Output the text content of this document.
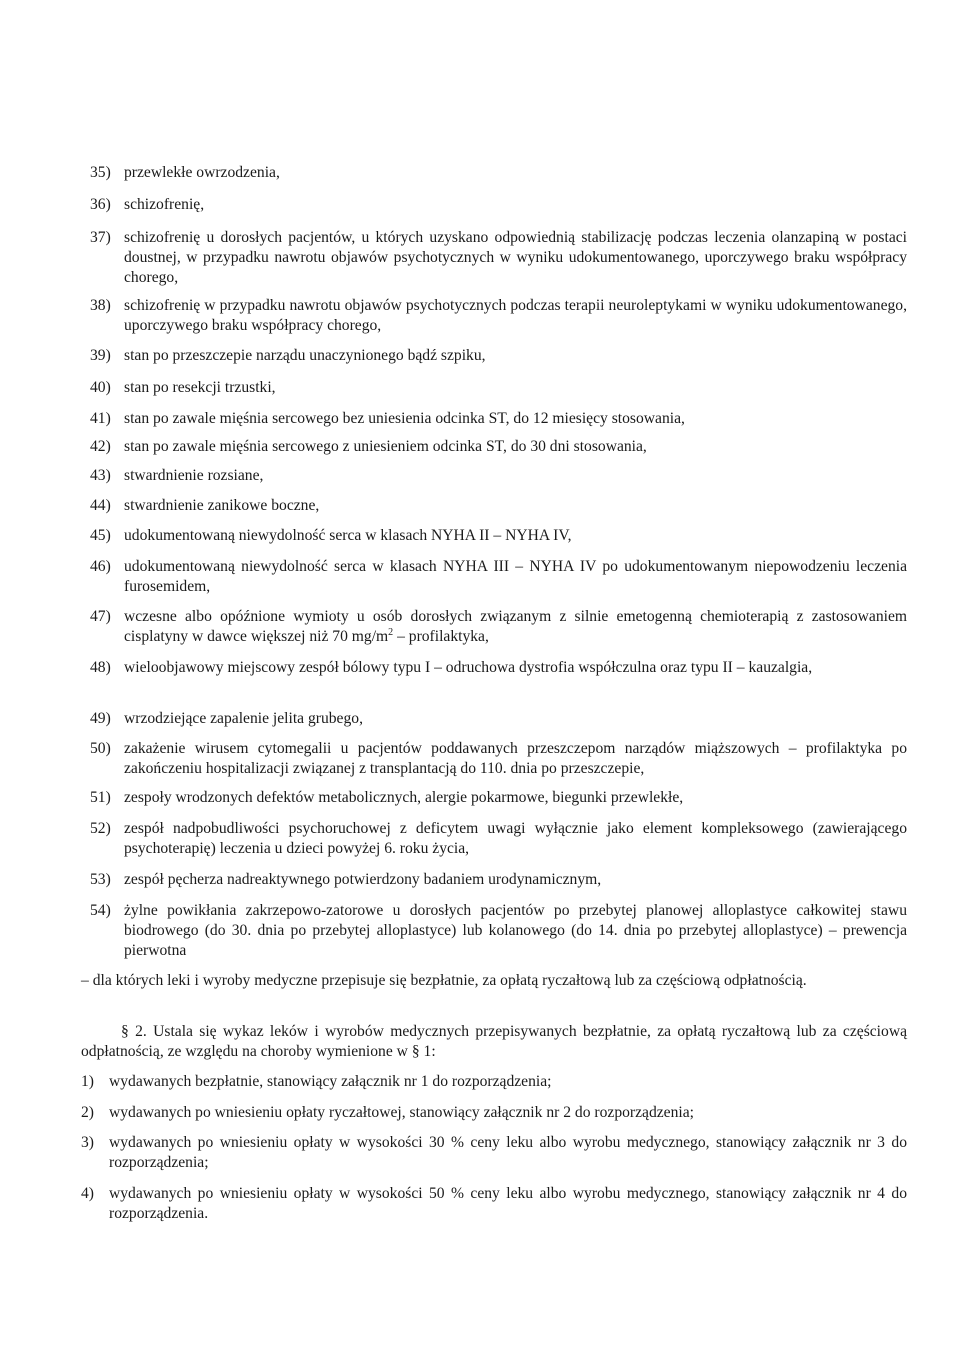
35) przewlekłe owrzodzenia,

36) schizofrenię,

37) schizofrenię u dorosłych pacjentów, u których uzyskano odpowiednią stabilizację podczas leczenia olanzapiną w postaci doustnej, w przypadku nawrotu objawów psychotycznych w wyniku udokumentowanego, uporczywego braku współpracy chorego,

38) schizofrenię w przypadku nawrotu objawów psychotycznych podczas terapii neuroleptykami w wyniku udokumentowanego, uporczywego braku współpracy chorego,

39) stan po przeszczepie narządu unaczynionego bądź szpiku,

40) stan po resekcji trzustki,

41) stan po zawale mięśnia sercowego bez uniesienia odcinka ST, do 12 miesięcy stosowania,

42) stan po zawale mięśnia sercowego z uniesieniem odcinka ST, do 30 dni stosowania,

43) stwardnienie rozsiane,

44) stwardnienie zanikowe boczne,

45) udokumentowaną niewydolność serca w klasach NYHA II – NYHA IV,

46) udokumentowaną niewydolność serca w klasach NYHA III – NYHA IV po udokumentowanym niepowodzeniu leczenia furosemidem,

47) wczesne albo opóźnione wymioty u osób dorosłych związanym z silnie emetogenną chemioterapią z zastosowaniem cisplatyny w dawce większej niż 70 $mg/m^2$ – profilaktyka,

48) wieloobjawowy miejscowy zespół bólowy typu I – odruchowa dystrofia współczulna oraz typu II – kauzalgia,

49) wrzodziejące zapalenie jelita grubego,

50) zakażenie wirusem cytomegalii u pacjentów poddawanych przeszczepom narządów miąższowych – profilaktyka po zakończeniu hospitalizacji związanej z transplantacją do 110. dnia po przeszczepie,

51) zespoły wrodzonych defektów metabolicznych, alergie pokarmowe, biegunki przewlekłe,

52) zespół nadpobudliwości psychoruchowej z deficytem uwagi wyłącznie jako element kompleksowego (zawierającego psychoterapię) leczenia u dzieci powyżej 6. roku życia,

53) zespół pęcherza nadreaktywnego potwierdzony badaniem urodynamicznym,

54) żylne powikłania zakrzepowo-zatorowe u dorosłych pacjentów po przebytej planowej alloplastyce całkowitej stawu biodrowego (do 30. dnia po przebytej alloplastyce) lub kolanowego (do 14. dnia po przebytej alloplastyce) – prewencja pierwotna

– dla których leki i wyroby medyczne przepisuje się bezpłatnie, za opłatą ryczałtową lub za częściową odpłatnością.

§ 2. Ustala się wykaz leków i wyrobów medycznych przepisywanych bezpłatnie, za opłatą ryczałtową lub za częściową odpłatnością, ze względu na choroby wymienione w § 1:

1) wydawanych bezpłatnie, stanowiący załącznik nr 1 do rozporządzenia;

2) wydawanych po wniesieniu opłaty ryczałtowej, stanowiący załącznik nr 2 do rozporządzenia;

3) wydawanych po wniesieniu opłaty w wysokości 30 % ceny leku albo wyrobu medycznego, stanowiący załącznik nr 3 do rozporządzenia;

4) wydawanych po wniesieniu opłaty w wysokości 50 % ceny leku albo wyrobu medycznego, stanowiący załącznik nr 4 do rozporządzenia.
